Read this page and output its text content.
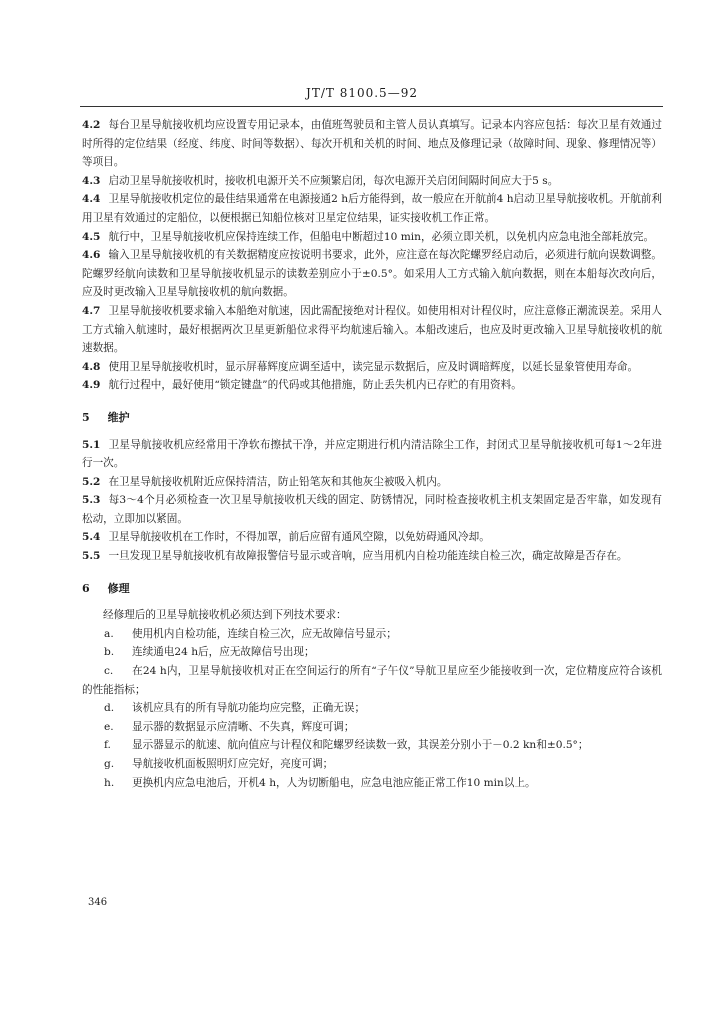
JT/T 8100.5—92

4.2 每台卫星导航接收机均应设置专用记录本，由值班驾驶员和主管人员认真填写。记录本内容应包括：每次卫星有效通过时所得的定位结果（经度、纬度、时间等数据）、每次开机和关机的时间、地点及修理记录（故障时间、现象、修理情况等）等项目。

4.3 启动卫星导航接收机时，接收机电源开关不应频繁启闭，每次电源开关启闭间隔时间应大于5 s。

4.4 卫星导航接收机定位的最佳结果通常在电源接通2 h后方能得到，故一般应在开航前4 h启动卫星导航接收机。开航前利用卫星有效通过的定船位，以便根据已知船位核对卫星定位结果，证实接收机工作正常。

4.5 航行中，卫星导航接收机应保持连续工作，但船电中断超过10 min，必须立即关机，以免机内应急电池全部耗放完。

4.6 输入卫星导航接收机的有关数据精度应按说明书要求，此外，应注意在每次陀螺罗经启动后，必须进行航向误数调整。陀螺罗经航向读数和卫星导航接收机显示的读数差别应小于±0.5°。如采用人工方式输入航向数据，则在本船每次改向后，应及时更改输入卫星导航接收机的航向数据。

4.7 卫星导航接收机要求输入本船绝对航速，因此需配接绝对计程仪。如使用相对计程仪时，应注意修正潮流误差。采用人工方式输入航速时，最好根据两次卫星更新船位求得平均航速后输入。本船改速后，也应及时更改输入卫星导航接收机的航速数据。

4.8 使用卫星导航接收机时，显示屏幕辉度应调至适中，读完显示数据后，应及时调暗辉度，以延长显象管使用寿命。

4.9 航行过程中，最好使用“锁定键盘”的代码或其他措施，防止丢失机内已存贮的有用资料。

5 维护

5.1 卫星导航接收机应经常用干净软布擦拭干净，并应定期进行机内清洁除尘工作，封闭式卫星导航接收机可每1～2年进行一次。

5.2 在卫星导航接收机附近应保持清洁，防止铅笔灰和其他灰尘被吸入机内。

5.3 每3～4个月必须检查一次卫星导航接收机天线的固定、防锈情况，同时检查接收机主机支架固定是否牢靠，如发现有松动，立即加以紧固。

5.4 卫星导航接收机在工作时，不得加罩，前后应留有通风空隙，以免妨碍通风冷却。

5.5 一旦发现卫星导航接收机有故障报警信号显示或音响，应当用机内自检功能连续自检三次，确定故障是否存在。

6 修理

经修理后的卫星导航接收机必须达到下列技术要求：

a. 使用机内自检功能，连续自检三次，应无故障信号显示；

b. 连续通电24 h后，应无故障信号出现；

c. 在24 h内，卫星导航接收机对正在空间运行的所有“子午仪”导航卫星应至少能接收到一次，定位精度应符合该机的性能指标；

d. 该机应具有的所有导航功能均应完整，正确无误；

e. 显示器的数据显示应清晰、不失真，辉度可调；

f. 显示器显示的航速、航向值应与计程仪和陀螺罗经读数一致，其误差分别小于－0.2 kn和±0.5°；

g. 导航接收机面板照明灯应完好，亮度可调；

h. 更换机内应急电池后，开机4 h，人为切断船电，应急电池应能正常工作10 min以上。

346
